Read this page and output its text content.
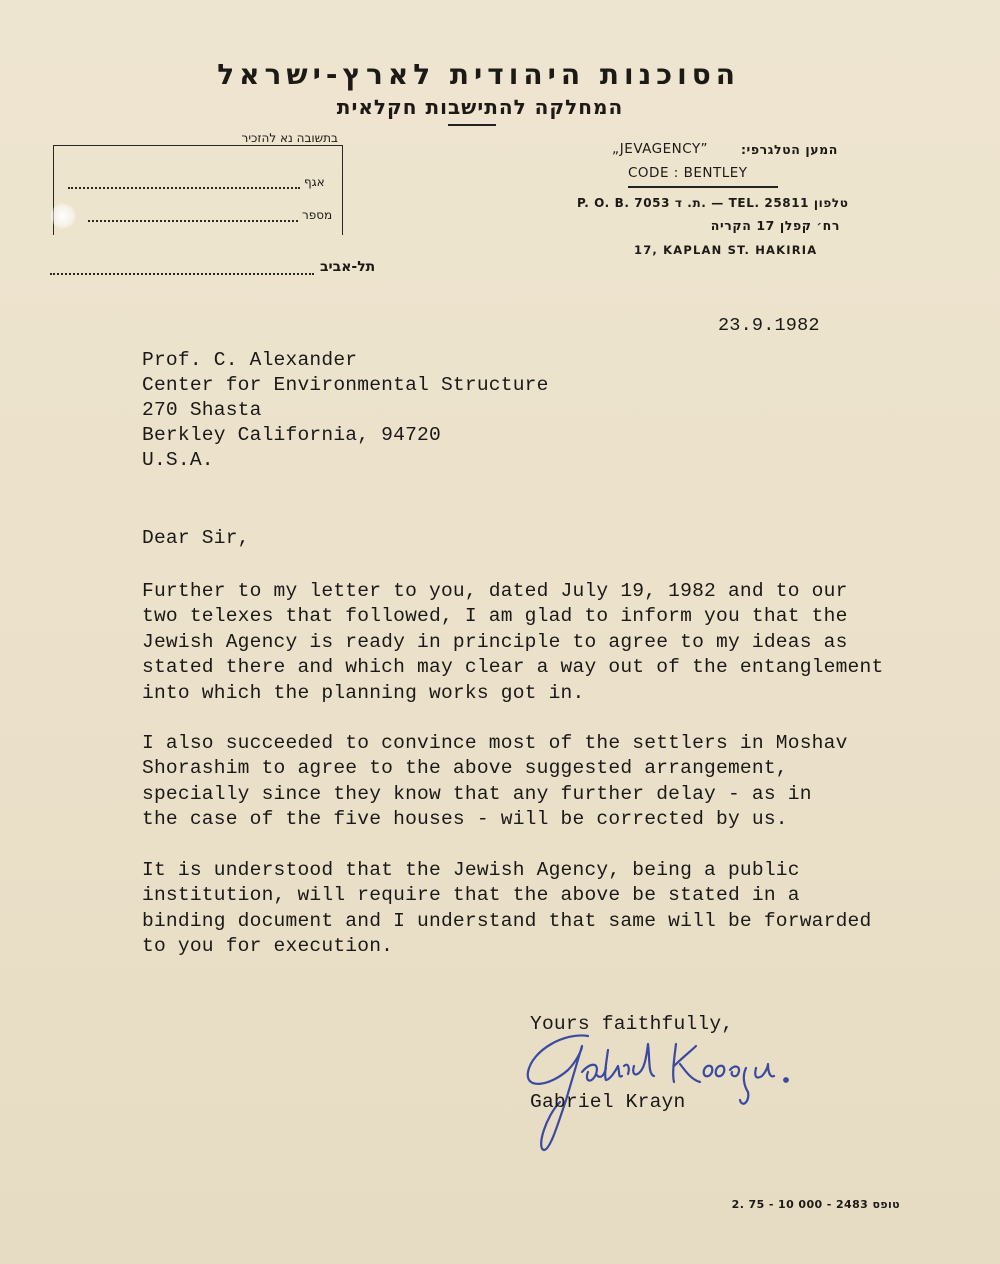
הסוכנות היהודית לארץ-ישראל
המחלקה להתישבות חקלאית
בתשובה נא להזכיר
אגף
מספר
תל-אביב
המען הטלגרפי:
„JEVAGENCY”
CODE : BENTLEY
P. O. B. 7053 ת. ד. — TEL. 25811 טלפון
רח׳ קפלן 17 הקריה
17, KAPLAN ST. HAKIRIA
23.9.1982
Prof. C. Alexander
Center for Environmental Structure
270 Shasta
Berkley California, 94720
U.S.A.
Dear Sir,
Further to my letter to you, dated July 19, 1982 and to our
two telexes that followed, I am glad to inform you that the
Jewish Agency is ready in principle to agree to my ideas as
stated there and which may clear a way out of the entanglement
into which the planning works got in.
I also succeeded to convince most of the settlers in Moshav
Shorashim to agree to the above suggested arrangement,
specially since they know that any further delay - as in
the case of the five houses - will be corrected by us.
It is understood that the Jewish Agency, being a public
institution, will require that the above be stated in a
binding document and I understand that same will be forwarded
to you for execution.
Yours faithfully,
Gabriel Krayn
2. 75 - 10 000 - 2483 טופס
